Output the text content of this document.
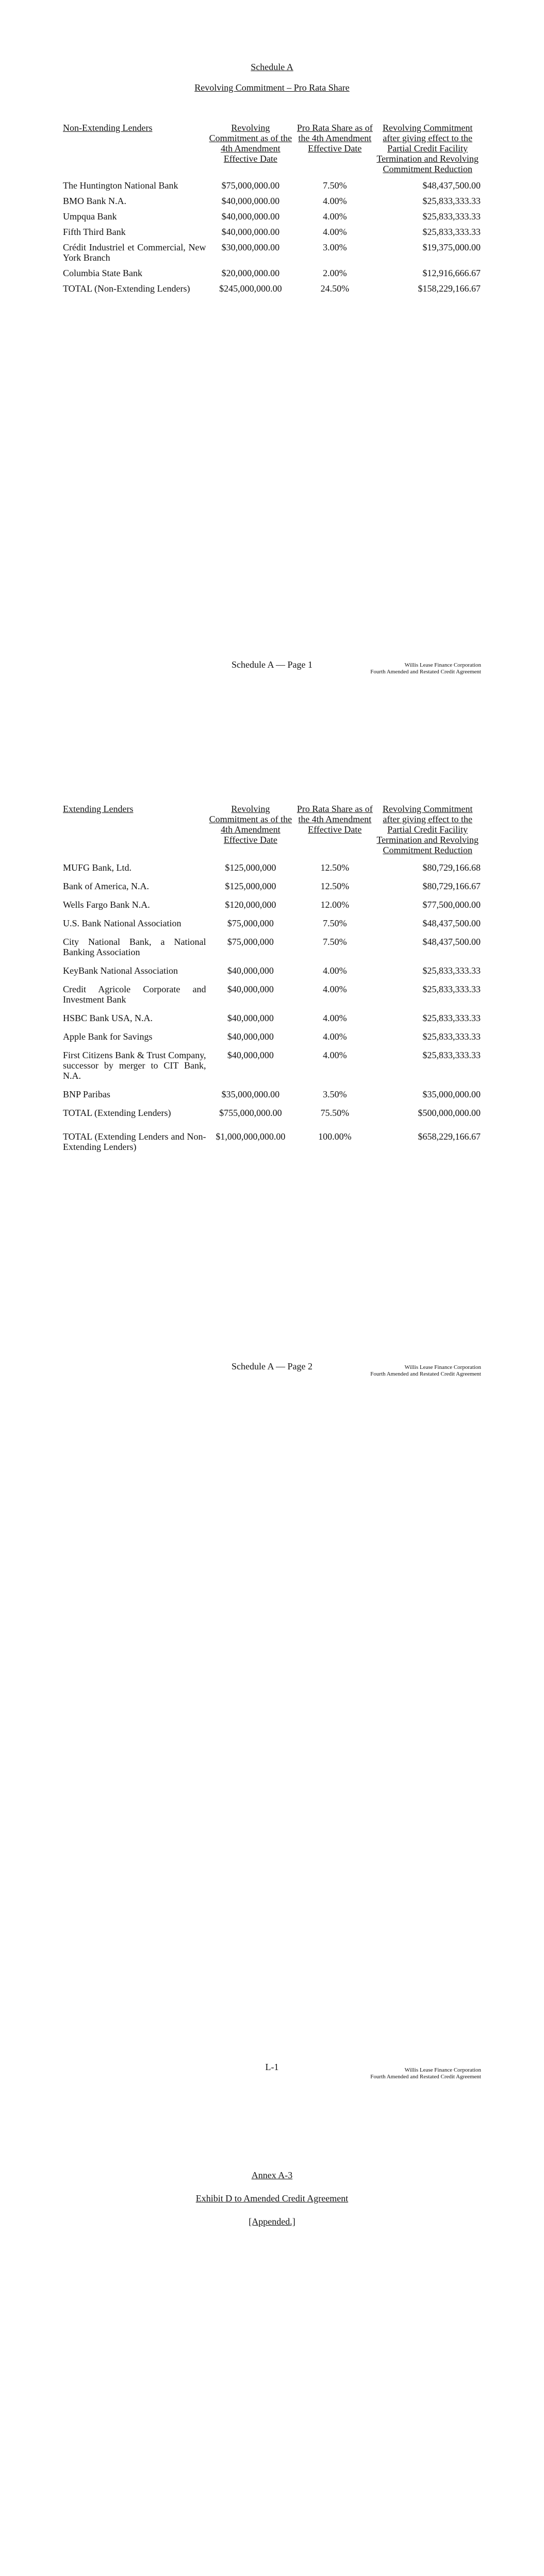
Schedule A
Revolving Commitment – Pro Rata Share
Non-Extending Lenders	Revolving Commitment as of the 4th Amendment Effective Date	Pro Rata Share as of the 4th Amendment Effective Date	Revolving Commitment after giving effect to the Partial Credit Facility Termination and Revolving Commitment Reduction

The Huntington National Bank	$75,000,000.00	7.50%	$48,437,500.00

BMO Bank N.A.	$40,000,000.00	4.00%	$25,833,333.33

Umpqua Bank	$40,000,000.00	4.00%	$25,833,333.33

Fifth Third Bank	$40,000,000.00	4.00%	$25,833,333.33

Crédit Industriel et Commercial, New York Branch	$30,000,000.00	3.00%	$19,375,000.00

Columbia State Bank	$20,000,000.00	2.00%	$12,916,666.67

TOTAL (Non-Extending Lenders)	$245,000,000.00	24.50%	$158,229,166.67
Schedule A — Page 1	Willis Lease Finance Corporation
Fourth Amended and Restated Credit Agreement
Extending Lenders	Revolving Commitment as of the 4th Amendment Effective Date	Pro Rata Share as of the 4th Amendment Effective Date	Revolving Commitment after giving effect to the Partial Credit Facility Termination and Revolving Commitment Reduction

MUFG Bank, Ltd.	$125,000,000	12.50%	$80,729,166.68

Bank of America, N.A.	$125,000,000	12.50%	$80,729,166.67

Wells Fargo Bank N.A.	$120,000,000	12.00%	$77,500,000.00

U.S. Bank National Association	$75,000,000	7.50%	$48,437,500.00

City National Bank, a National Banking Association	$75,000,000	7.50%	$48,437,500.00

KeyBank National Association	$40,000,000	4.00%	$25,833,333.33

Credit Agricole Corporate and Investment Bank	$40,000,000	4.00%	$25,833,333.33

HSBC Bank USA, N.A.	$40,000,000	4.00%	$25,833,333.33

Apple Bank for Savings	$40,000,000	4.00%	$25,833,333.33

First Citizens Bank & Trust Company, successor by merger to CIT Bank, N.A.	$40,000,000	4.00%	$25,833,333.33

BNP Paribas	$35,000,000.00	3.50%	$35,000,000.00

TOTAL (Extending Lenders)	$755,000,000.00	75.50%	$500,000,000.00

TOTAL (Extending Lenders and Non-Extending Lenders)	$1,000,000,000.00	100.00%	$658,229,166.67
Schedule A — Page 2	Willis Lease Finance Corporation
Fourth Amended and Restated Credit Agreement
L-1	Willis Lease Finance Corporation
Fourth Amended and Restated Credit Agreement
Annex A-3
Exhibit D to Amended Credit Agreement
[Appended.]
